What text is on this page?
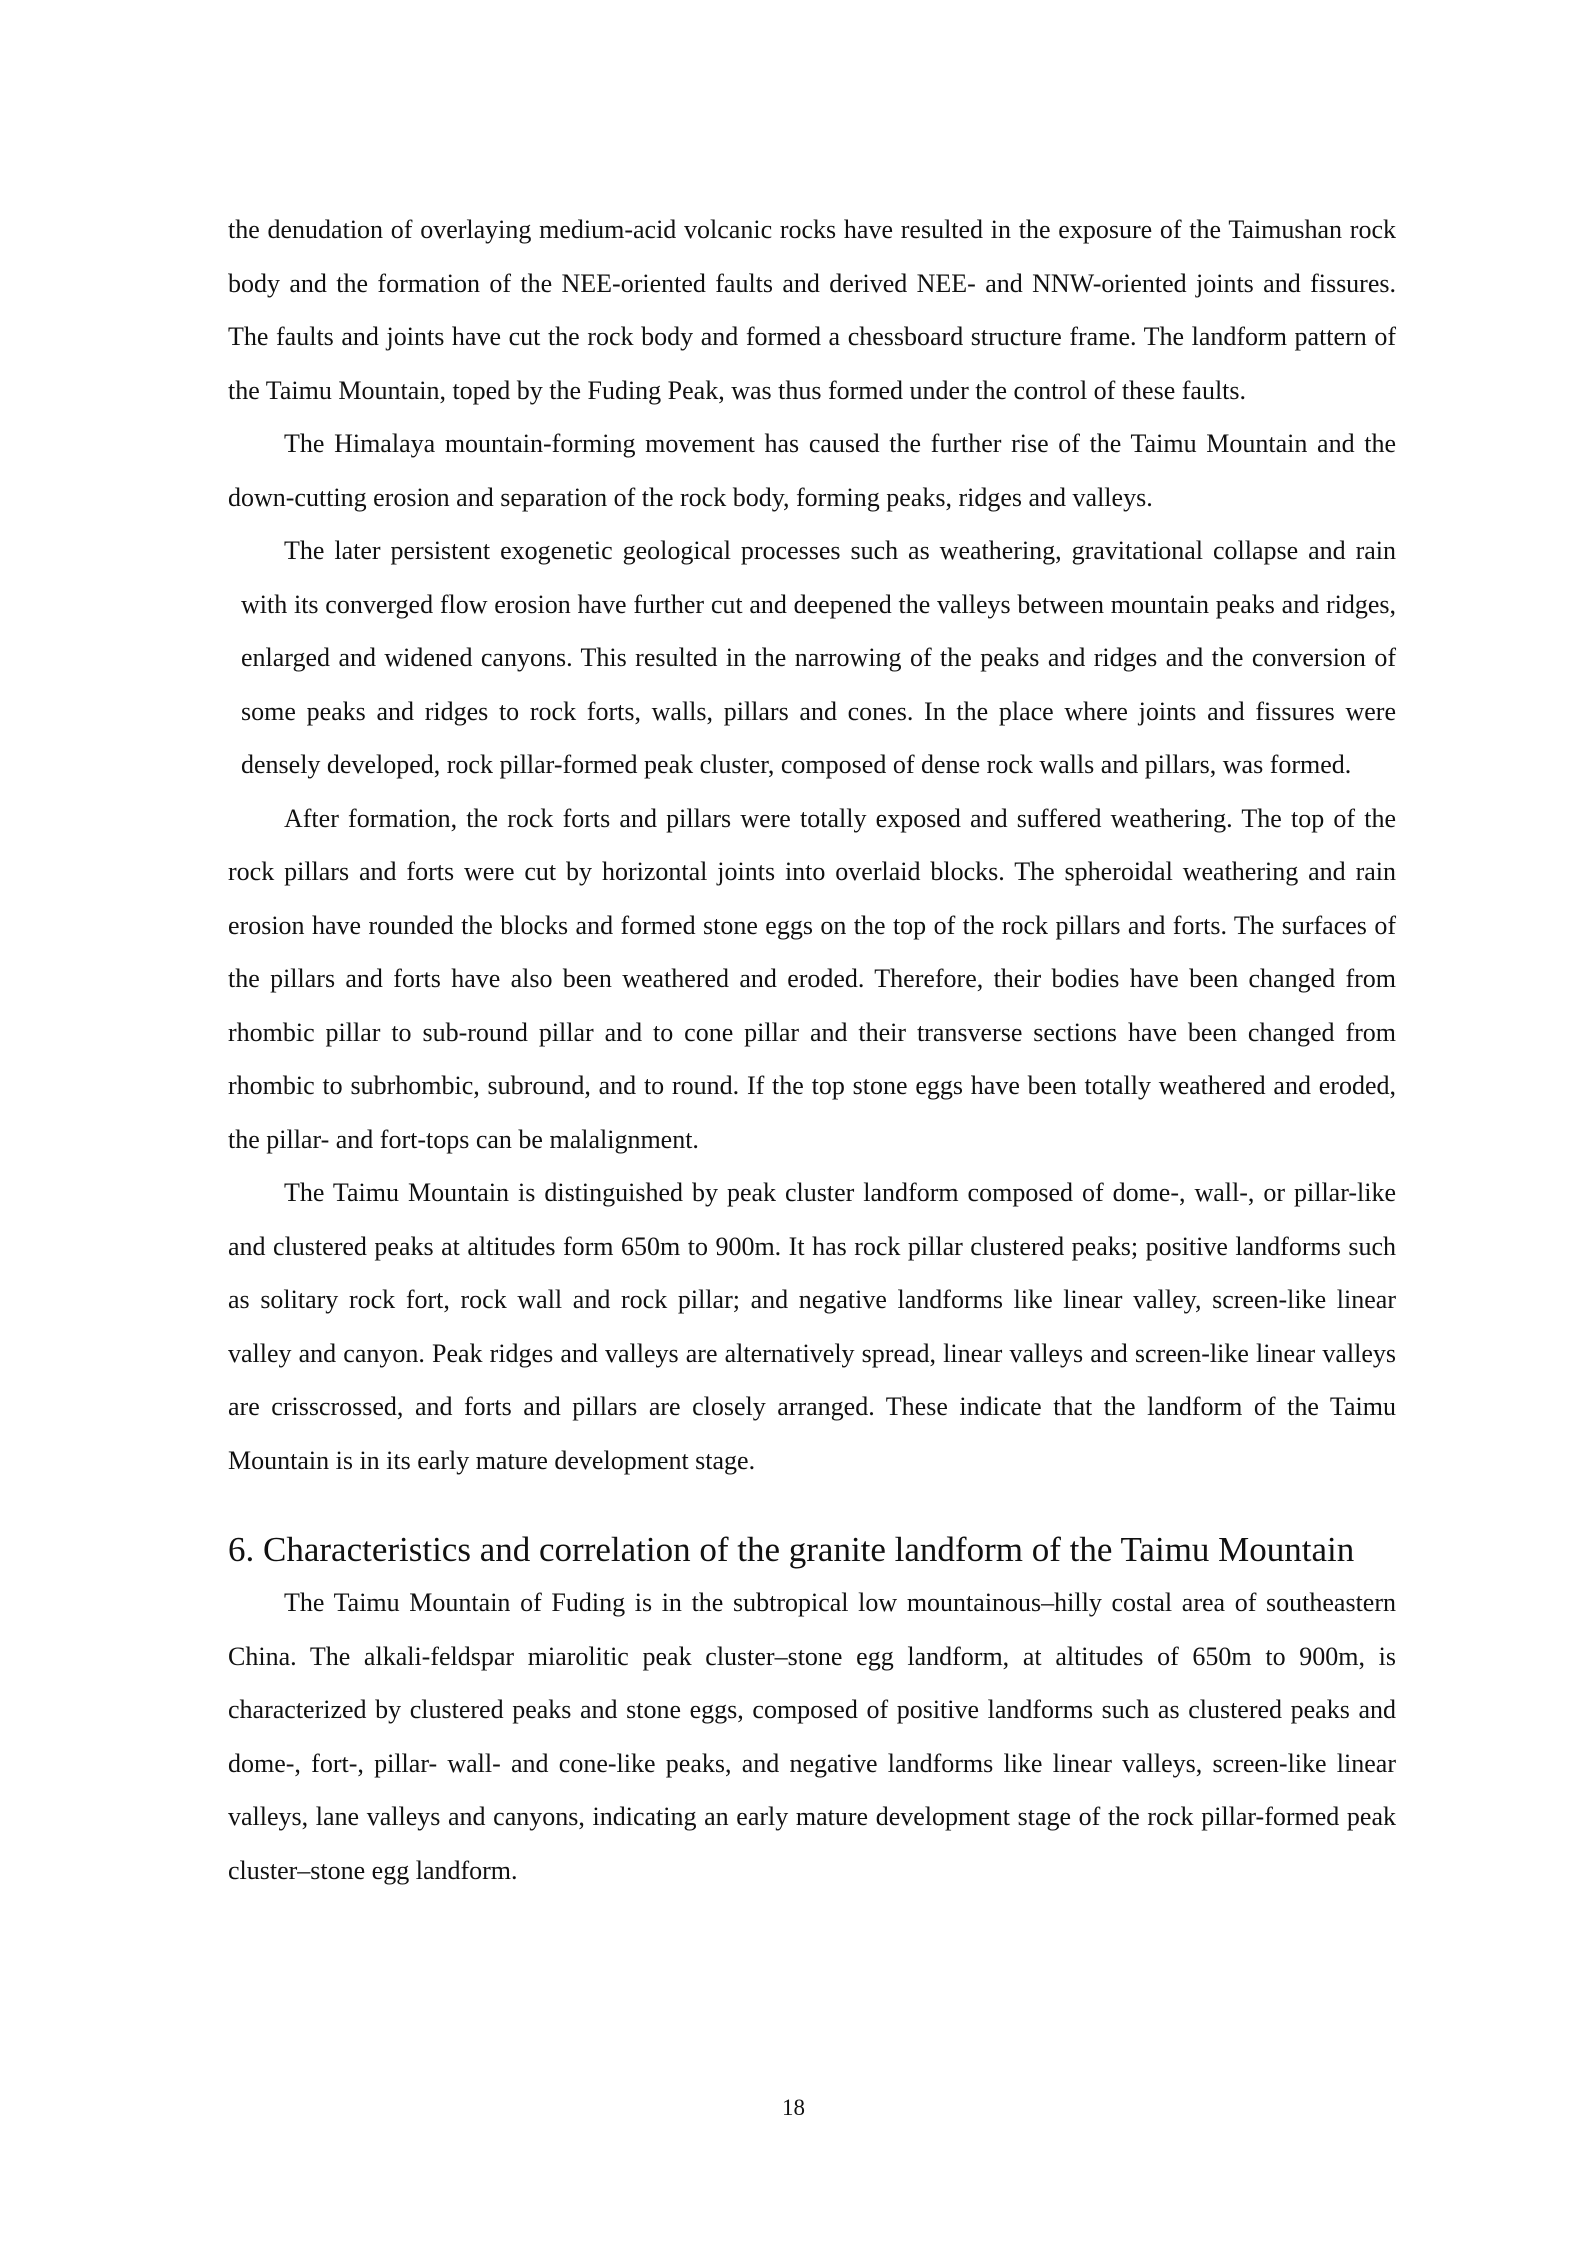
the denudation of overlaying medium-acid volcanic rocks have resulted in the exposure of the Taimushan rock body and the formation of the NEE-oriented faults and derived NEE- and NNW-oriented joints and fissures. The faults and joints have cut the rock body and formed a chessboard structure frame. The landform pattern of the Taimu Mountain, toped by the Fuding Peak, was thus formed under the control of these faults.

The Himalaya mountain-forming movement has caused the further rise of the Taimu Mountain and the down-cutting erosion and separation of the rock body, forming peaks, ridges and valleys.

The later persistent exogenetic geological processes such as weathering, gravitational collapse and rain with its converged flow erosion have further cut and deepened the valleys between mountain peaks and ridges, enlarged and widened canyons. This resulted in the narrowing of the peaks and ridges and the conversion of some peaks and ridges to rock forts, walls, pillars and cones. In the place where joints and fissures were densely developed, rock pillar-formed peak cluster, composed of dense rock walls and pillars, was formed.

After formation, the rock forts and pillars were totally exposed and suffered weathering. The top of the rock pillars and forts were cut by horizontal joints into overlaid blocks. The spheroidal weathering and rain erosion have rounded the blocks and formed stone eggs on the top of the rock pillars and forts. The surfaces of the pillars and forts have also been weathered and eroded. Therefore, their bodies have been changed from rhombic pillar to sub-round pillar and to cone pillar and their transverse sections have been changed from rhombic to subrhombic, subround, and to round. If the top stone eggs have been totally weathered and eroded, the pillar- and fort-tops can be malalignment.

The Taimu Mountain is distinguished by peak cluster landform composed of dome-, wall-, or pillar-like and clustered peaks at altitudes form 650m to 900m. It has rock pillar clustered peaks; positive landforms such as solitary rock fort, rock wall and rock pillar; and negative landforms like linear valley, screen-like linear valley and canyon. Peak ridges and valleys are alternatively spread, linear valleys and screen-like linear valleys are crisscrossed, and forts and pillars are closely arranged. These indicate that the landform of the Taimu Mountain is in its early mature development stage.

6. Characteristics and correlation of the granite landform of the Taimu Mountain

The Taimu Mountain of Fuding is in the subtropical low mountainous–hilly costal area of southeastern China. The alkali-feldspar miarolitic peak cluster–stone egg landform, at altitudes of 650m to 900m, is characterized by clustered peaks and stone eggs, composed of positive landforms such as clustered peaks and dome-, fort-, pillar- wall- and cone-like peaks, and negative landforms like linear valleys, screen-like linear valleys, lane valleys and canyons, indicating an early mature development stage of the rock pillar-formed peak cluster–stone egg landform.

18
